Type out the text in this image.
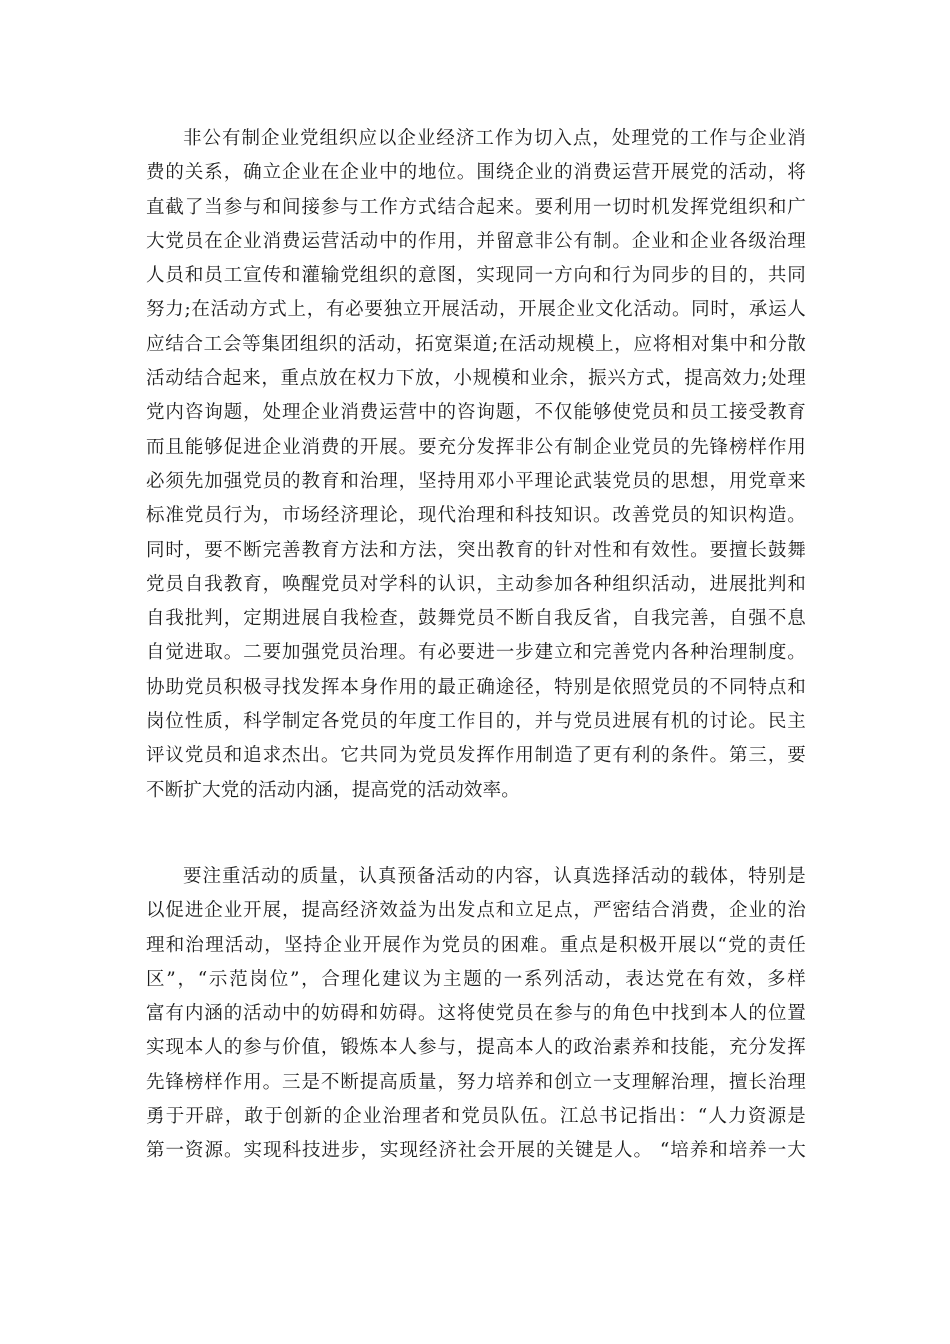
非公有制企业党组织应以企业经济工作为切入点，处理党的工作与企业消
费的关系，确立企业在企业中的地位。围绕企业的消费运营开展党的活动，将
直截了当参与和间接参与工作方式结合起来。要利用一切时机发挥党组织和广
大党员在企业消费运营活动中的作用，并留意非公有制。企业和企业各级治理
人员和员工宣传和灌输党组织的意图，实现同一方向和行为同步的目的，共同
努力;在活动方式上，有必要独立开展活动，开展企业文化活动。同时，承运人
应结合工会等集团组织的活动，拓宽渠道;在活动规模上，应将相对集中和分散
活动结合起来，重点放在权力下放，小规模和业余，振兴方式，提高效力;处理
党内咨询题，处理企业消费运营中的咨询题，不仅能够使党员和员工接受教育
而且能够促进企业消费的开展。要充分发挥非公有制企业党员的先锋榜样作用
必须先加强党员的教育和治理，坚持用邓小平理论武装党员的思想，用党章来
标准党员行为，市场经济理论，现代治理和科技知识。改善党员的知识构造。
同时，要不断完善教育方法和方法，突出教育的针对性和有效性。要擅长鼓舞
党员自我教育，唤醒党员对学科的认识，主动参加各种组织活动，进展批判和
自我批判，定期进展自我检查，鼓舞党员不断自我反省，自我完善，自强不息
自觉进取。二要加强党员治理。有必要进一步建立和完善党内各种治理制度。
协助党员积极寻找发挥本身作用的最正确途径，特别是依照党员的不同特点和
岗位性质，科学制定各党员的年度工作目的，并与党员进展有机的讨论。民主
评议党员和追求杰出。它共同为党员发挥作用制造了更有利的条件。第三，要
不断扩大党的活动内涵，提高党的活动效率。
要注重活动的质量，认真预备活动的内容，认真选择活动的载体，特别是
以促进企业开展，提高经济效益为出发点和立足点，严密结合消费，企业的治
理和治理活动，坚持企业开展作为党员的困难。重点是积极开展以“党的责任
区”，“示范岗位”，合理化建议为主题的一系列活动，表达党在有效，多样
富有内涵的活动中的妨碍和妨碍。这将使党员在参与的角色中找到本人的位置
实现本人的参与价值，锻炼本人参与，提高本人的政治素养和技能，充分发挥
先锋榜样作用。三是不断提高质量，努力培养和创立一支理解治理，擅长治理
勇于开辟，敢于创新的企业治理者和党员队伍。江总书记指出：“人力资源是
第一资源。实现科技进步，实现经济社会开展的关键是人。 “培养和培养一大
